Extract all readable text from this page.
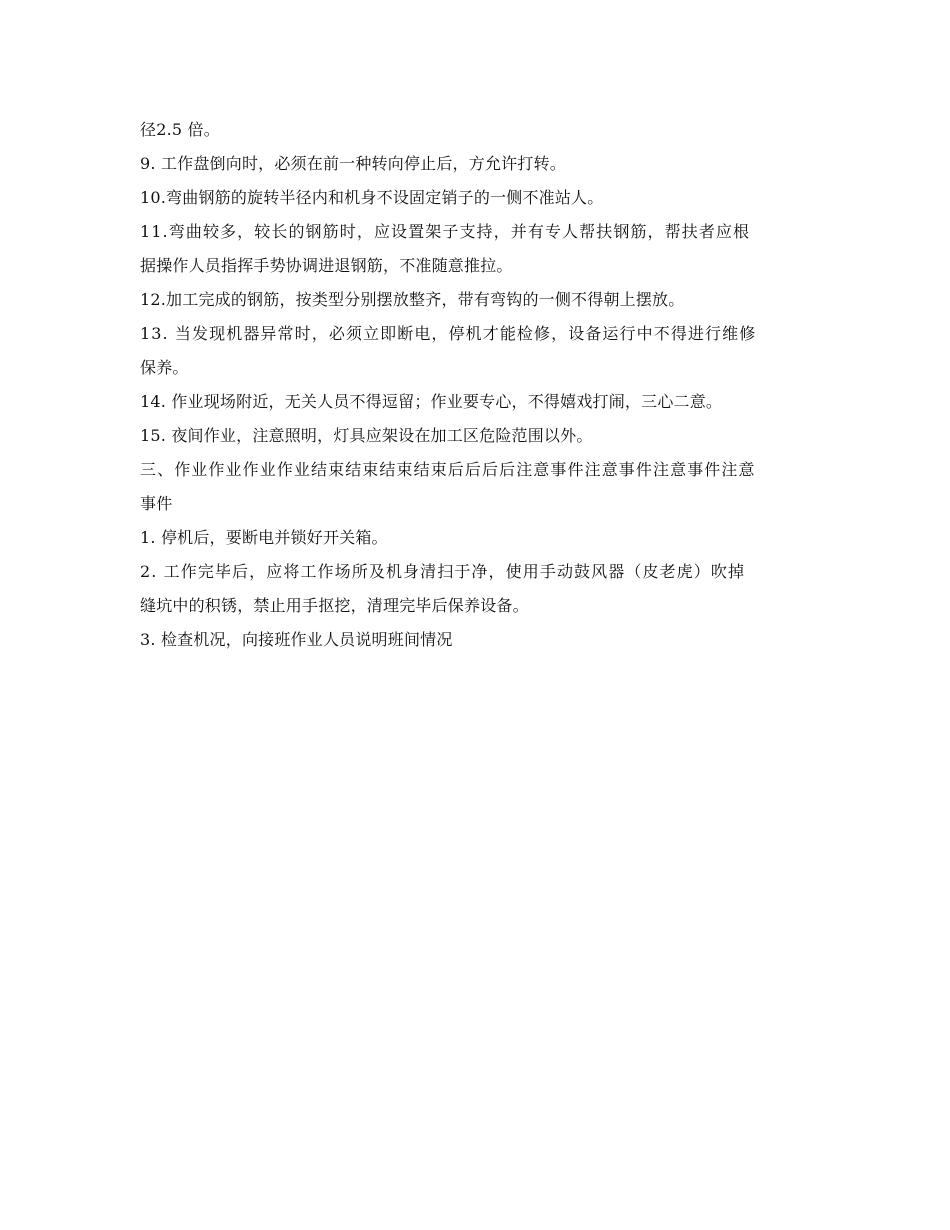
径2.5 倍。
9. 工作盘倒向时，必须在前一种转向停止后，方允许打转。
10.弯曲钢筋的旋转半径内和机身不设固定销子的一侧不准站人。
11.弯曲较多，较长的钢筋时，应设置架子支持，并有专人帮扶钢筋，帮扶者应根
据操作人员指挥手势协调进退钢筋，不准随意推拉。
12.加工完成的钢筋，按类型分别摆放整齐，带有弯钩的一侧不得朝上摆放。
13. 当发现机器异常时，必须立即断电，停机才能检修，设备运行中不得进行维修
保养。
14. 作业现场附近，无关人员不得逗留；作业要专心，不得嬉戏打闹，三心二意。
15. 夜间作业，注意照明，灯具应架设在加工区危险范围以外。
三、作业作业作业作业结束结束结束结束后后后后注意事件注意事件注意事件注意
事件
1. 停机后，要断电并锁好开关箱。
2. 工作完毕后，应将工作场所及机身清扫于净，使用手动鼓风器（皮老虎）吹掉
缝坑中的积锈，禁止用手抠挖，清理完毕后保养设备。
3. 检查机况，向接班作业人员说明班间情况
